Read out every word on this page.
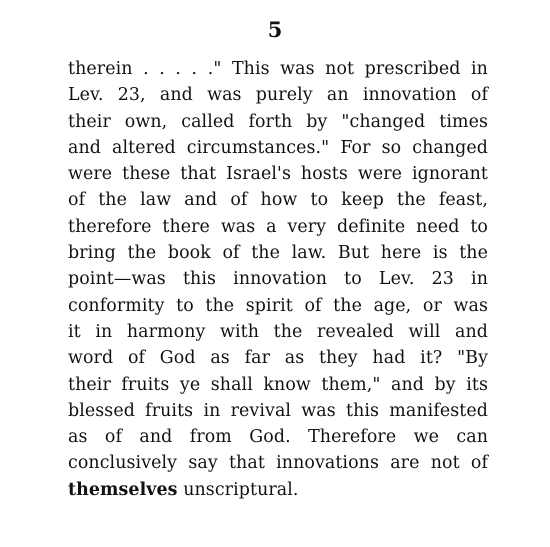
5
therein . . . . ." This was not prescribed in
Lev. 23, and was purely an innovation of
their own, called forth by "changed times
and altered circumstances." For so changed
were these that Israel's hosts were ignorant
of the law and of how to keep the feast,
therefore there was a very definite need to
bring the book of the law. But here is the
point—was this innovation to Lev. 23 in
conformity to the spirit of the age, or was
it in harmony with the revealed will and
word of God as far as they had it? "By
their fruits ye shall know them," and by its
blessed fruits in revival was this manifested
as of and from God. Therefore we can
conclusively say that innovations are not of
themselves unscriptural.
